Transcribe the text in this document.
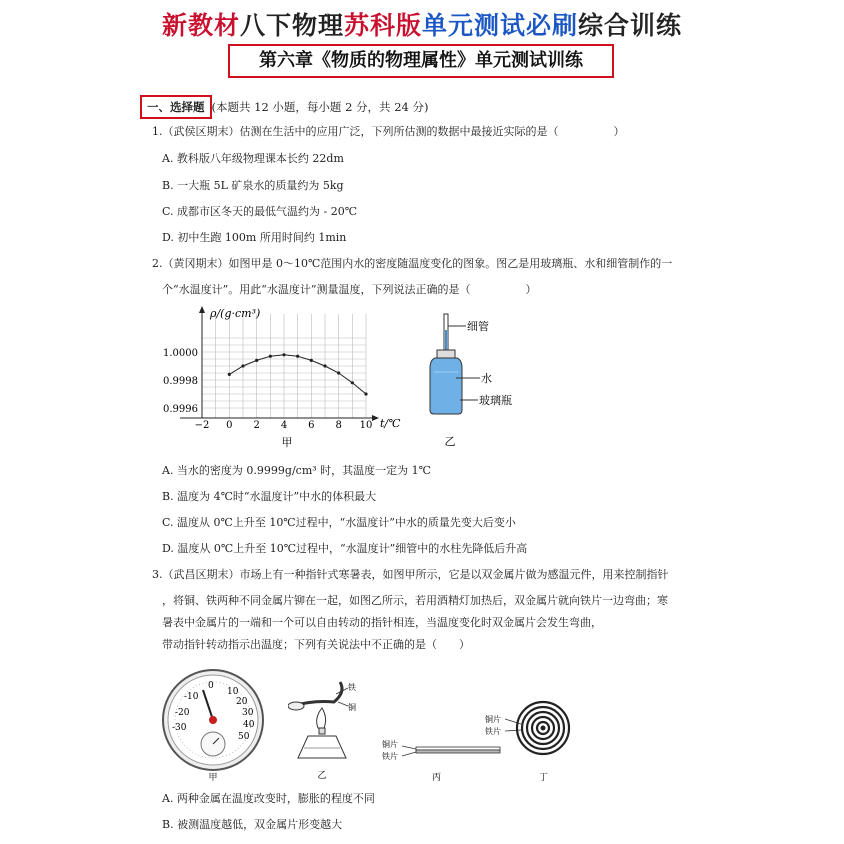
新教材八下物理苏科版单元测试必刷综合训练
第六章《物质的物理属性》单元测试训练
一、选择题 (本题共 12 小题，每小题 2 分，共 24 分)
1.（武侯区期末）估测在生活中的应用广泛，下列所估测的数据中最接近实际的是（　　　　　）
A. 教科版八年级物理课本长约 22dm
B. 一大瓶 5L 矿泉水的质量约为 5kg
C. 成都市区冬天的最低气温约为 - 20℃
D. 初中生跑 100m 所用时间约 1min
2.（黄冈期末）如图甲是 0～10℃范围内水的密度随温度变化的图象。图乙是用玻璃瓶、水和细管制作的一
个“水温度计”。用此“水温度计”测量温度，下列说法正确的是（　　　　　）
−2 0 2 4 6 8 10
1.0000
0.9998
0.9996
ρ/(g·cm³)
t/℃
甲
细管
水
玻璃瓶
乙
A. 当水的密度为 0.9999g/cm³ 时，其温度一定为 1℃
B. 温度为 4℃时“水温度计”中水的体积最大
C. 温度从 0℃上升至 10℃过程中，“水温度计”中水的质量先变大后变小
D. 温度从 0℃上升至 10℃过程中，“水温度计”细管中的水柱先降低后升高
3.（武昌区期末）市场上有一种指针式寒暑表，如图甲所示，它是以双金属片做为感温元件，用来控制指针
，将铜、铁两种不同金属片铆在一起，如图乙所示，若用酒精灯加热后，双金属片就向铁片一边弯曲；寒
暑表中金属片的一端和一个可以自由转动的指针相连，当温度变化时双金属片会发生弯曲，
带动指针转动指示出温度；下列有关说法中不正确的是（　　）
10
20
30
40
50
0
-10
-20
-30
甲
铁
铜
乙
铜片
铁片
丙
铜片
铁片
丁
A. 两种金属在温度改变时，膨胀的程度不同
B. 被测温度越低，双金属片形变越大
